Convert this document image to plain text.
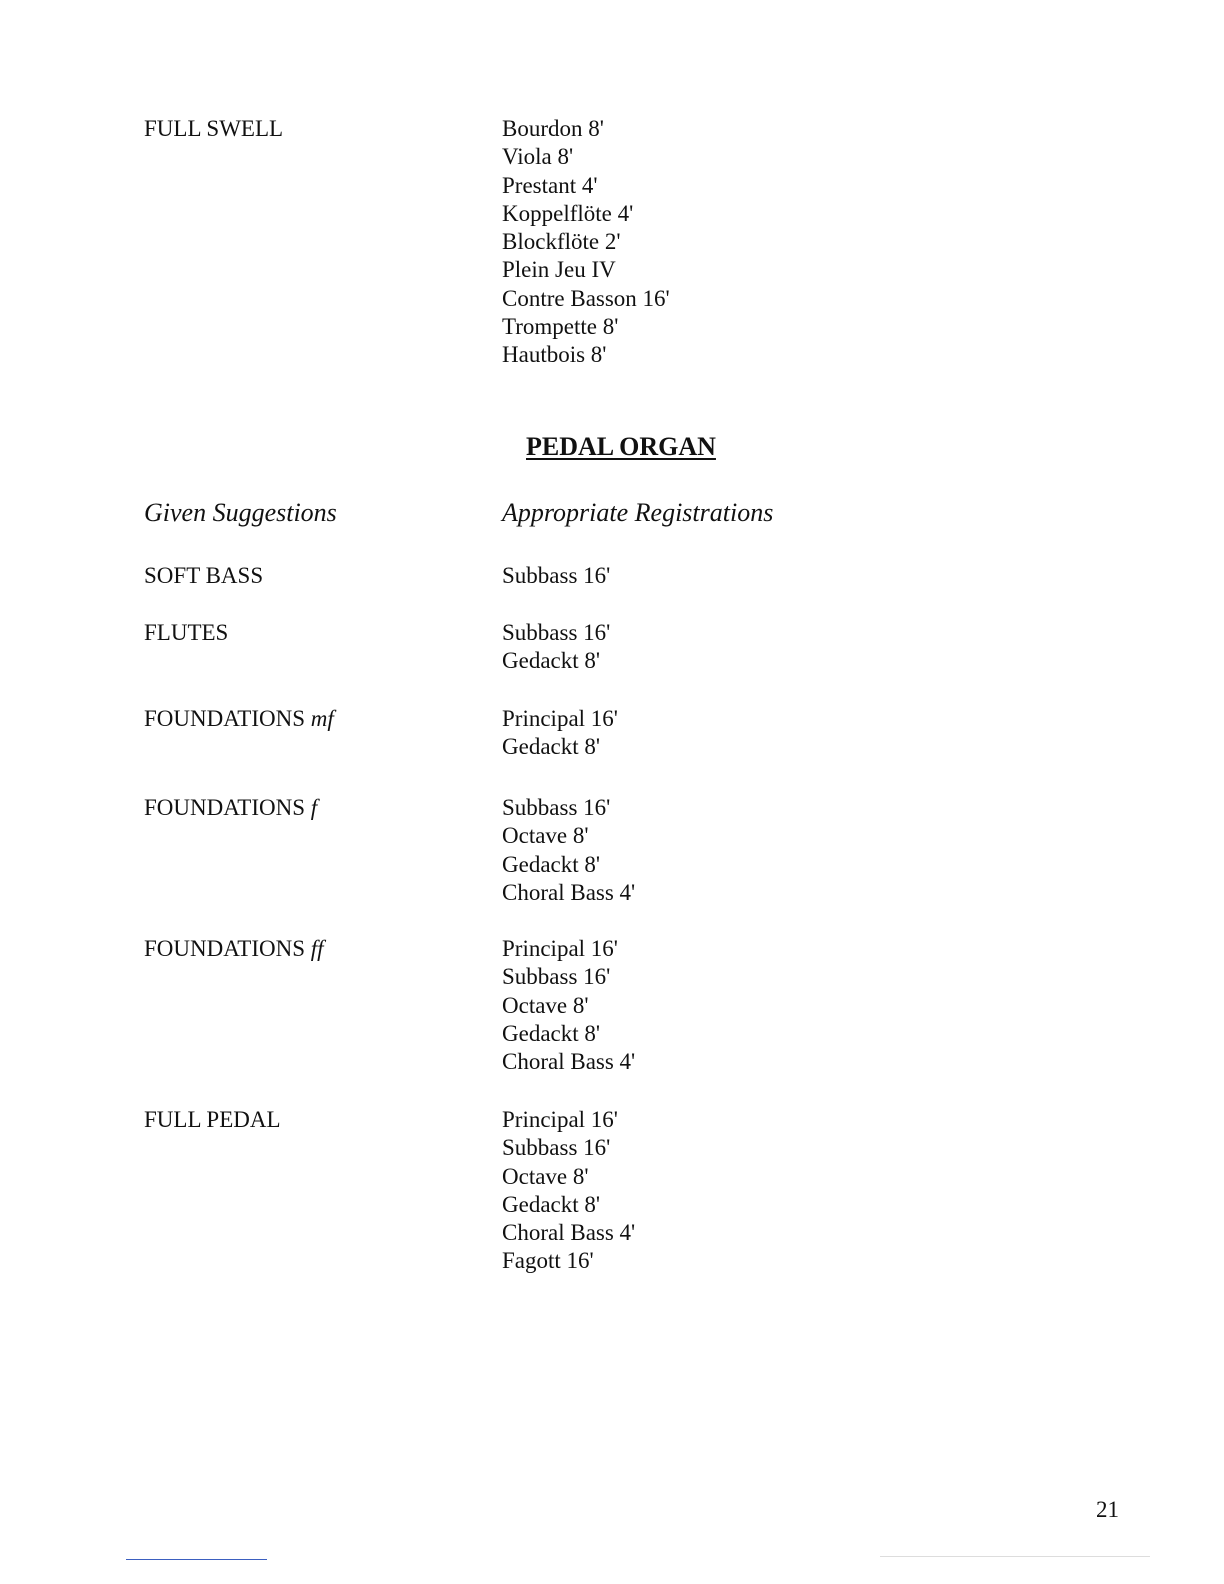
FULL SWELL	Bourdon 8'
Viola 8'
Prestant 4'
Koppelflöte 4'
Blockflöte 2'
Plein Jeu IV
Contre Basson 16'
Trompette 8'
Hautbois 8'
PEDAL ORGAN
Given Suggestions	Appropriate Registrations
SOFT BASS	Subbass 16'
FLUTES	Subbass 16'
Gedackt 8'
FOUNDATIONS mf	Principal 16'
Gedackt 8'
FOUNDATIONS f	Subbass 16'
Octave 8'
Gedackt 8'
Choral Bass 4'
FOUNDATIONS ff	Principal 16'
Subbass 16'
Octave 8'
Gedackt 8'
Choral Bass 4'
FULL PEDAL	Principal 16'
Subbass 16'
Octave 8'
Gedackt 8'
Choral Bass 4'
Fagott 16'
21
